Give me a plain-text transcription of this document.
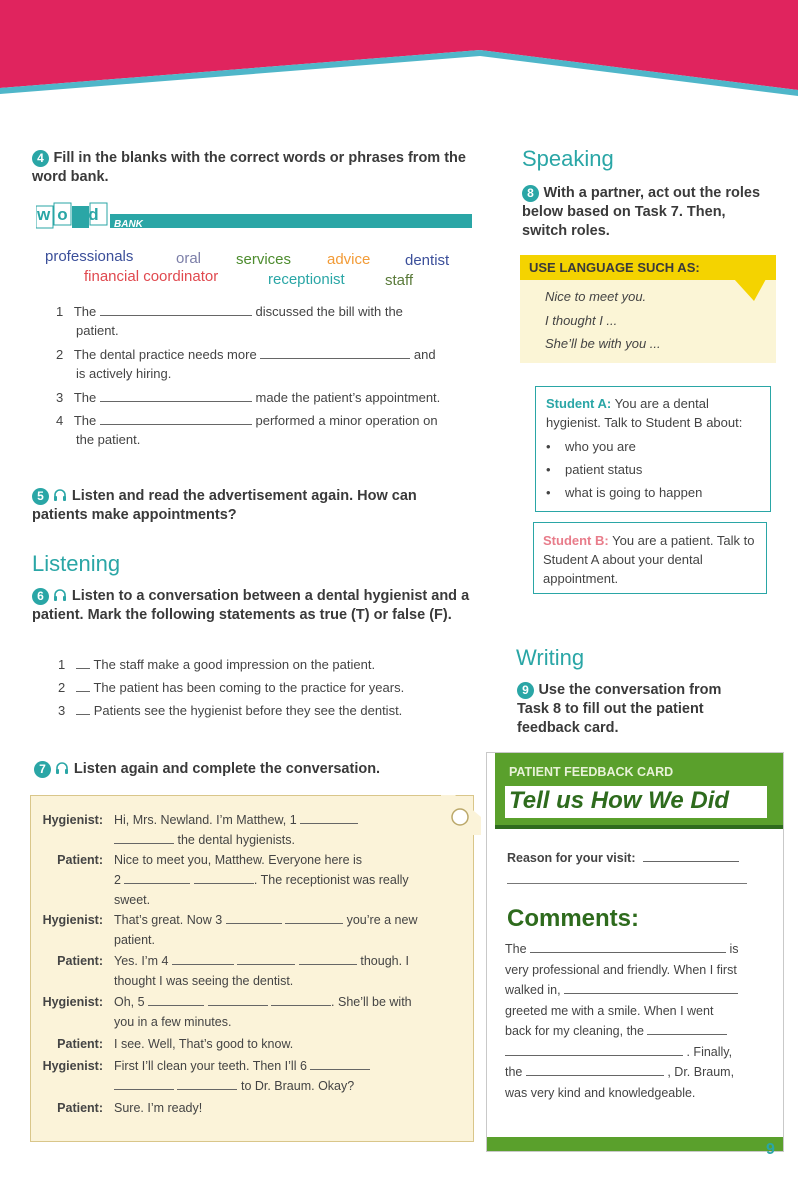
4 Fill in the blanks with the correct words or phrases from the word bank.
word
BANK
professionals	oral services advice dentist
financial coordinator	receptionist	staff
1 The	discussed the bill with the
patient.
2 The dental practice needs more	and
is actively hiring.
3 The	made the patient’s appointment.
4 The	performed a minor operation on
the patient.
5 Listen and read the advertisement again. How can patients make appointments?
Listening
6 Listen to a conversation between a dental hygienist and a patient. Mark the following statements as true (T) or false (F).
1 The staff make a good impression on the patient.
2 The patient has been coming to the practice for years.
3 Patients see the hygienist before they see the dentist.
7 Listen again and complete the conversation.
Hygienist: Hi, Mrs. Newland. I’m Matthew, 1
the dental hygienists.
Patient: Nice to meet you, Matthew. Everyone here is
2	. The receptionist was really
sweet.
Hygienist: That’s great. Now 3	you’re a new
patient.
Patient: Yes. I’m 4	though. I
thought I was seeing the dentist.
Hygienist: Oh, 5	. She’ll be with
you in a few minutes.
Patient: I see. Well, That’s good to know.
Hygienist: First I’ll clean your teeth. Then I’ll 6
to Dr. Braum. Okay?
Patient: Sure. I’m ready!
Speaking
8 With a partner, act out the roles below based on Task 7. Then, switch roles.
USE LANGUAGE SUCH AS:
Nice to meet you.
I thought I ...
She’ll be with you ...
Student A: You are a dental hygienist. Talk to Student B about:
•    who you are
•    patient status
•    what is going to happen
Student B: You are a patient. Talk to Student A about your dental appointment.
Writing
9 Use the conversation from Task 8 to fill out the patient feedback card.
PATIENT FEEDBACK CARD
Tell us How We Did
Reason for your visit:
Comments:
The	is
very professional and friendly. When I first
walked in,
greeted me with a smile. When I went
back for my cleaning, the
. Finally,
the	, Dr. Braum,
was very kind and knowledgeable.
9
